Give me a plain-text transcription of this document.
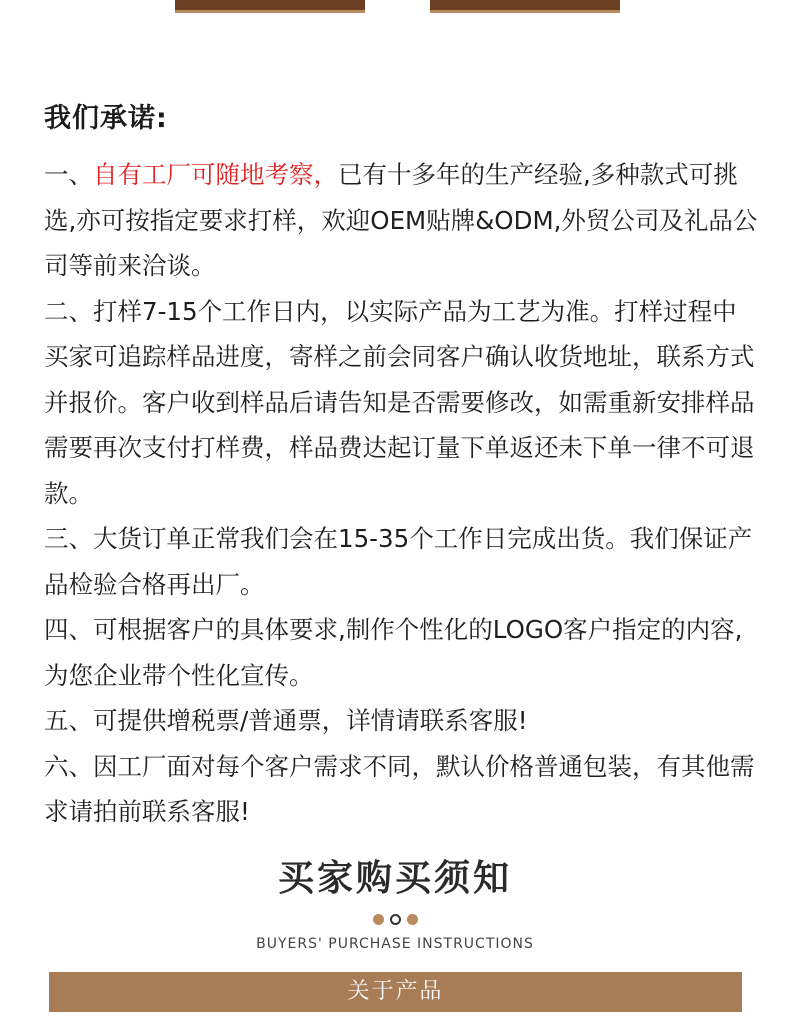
我们承诺:

一、自有工厂可随地考察，已有十多年的生产经验,多种款式可挑选,亦可按指定要求打样，欢迎OEM贴牌&ODM,外贸公司及礼品公司等前来洽谈。

二、打样7-15个工作日内，以实际产品为工艺为准。打样过程中买家可追踪样品进度，寄样之前会同客户确认收货地址，联系方式并报价。客户收到样品后请告知是否需要修改，如需重新安排样品需要再次支付打样费，样品费达起订量下单返还未下单一律不可退款。

三、大货订单正常我们会在15-35个工作日完成出货。我们保证产品检验合格再出厂。

四、可根据客户的具体要求,制作个性化的LOGO客户指定的内容,为您企业带个性化宣传。

五、可提供增税票/普通票，详情请联系客服!

六、因工厂面对每个客户需求不同，默认价格普通包装，有其他需求请拍前联系客服!

买家购买须知
BUYERS' PURCHASE INSTRUCTIONS
关于产品
